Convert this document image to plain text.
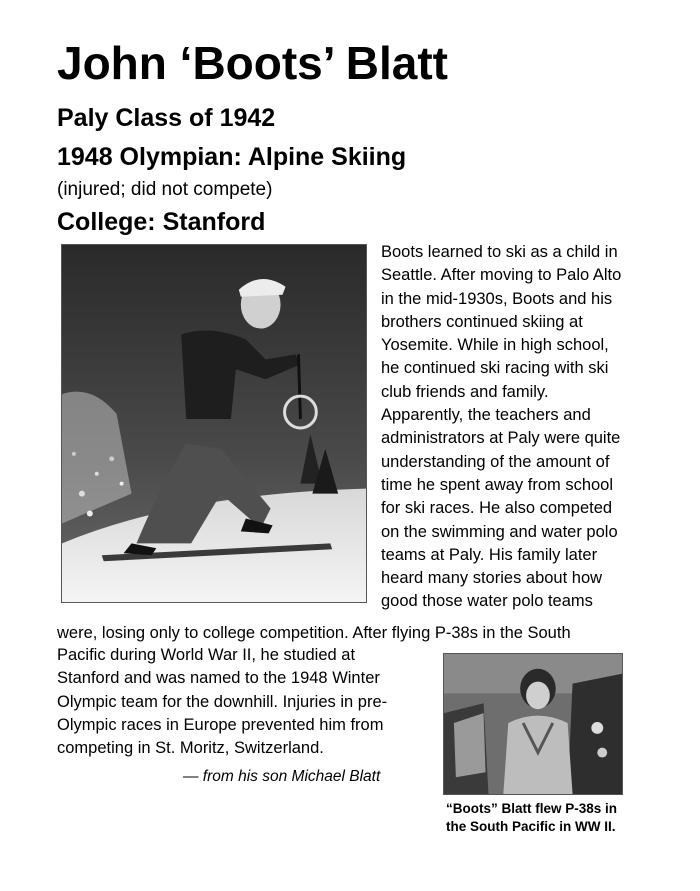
John ‘Boots’ Blatt
Paly Class of 1942
1948 Olympian: Alpine Skiing

(injured; did not compete)

College: Stanford
Boots learned to ski as a child in
Seattle. After moving to Palo Alto
in the mid-1930s, Boots and his
brothers continued skiing at
Yosemite. While in high school,
he continued ski racing with ski
club friends and family.
Apparently, the teachers and
administrators at Paly were quite
understanding of the amount of
time he spent away from school
for ski races. He also competed
on the swimming and water polo
teams at Paly. His family later
heard many stories about how
good those water polo teams

were, losing only to college competition. After flying P-38s in the South

Pacific during World War II, he studied at
Stanford and was named to the 1948 Winter
Olympic team for the downhill. Injuries in pre-
Olympic races in Europe prevented him from
competing in St. Moritz, Switzerland.
— from his son Michael Blatt
“Boots” Blatt flew P-38s in
the South Pacific in WW II.
